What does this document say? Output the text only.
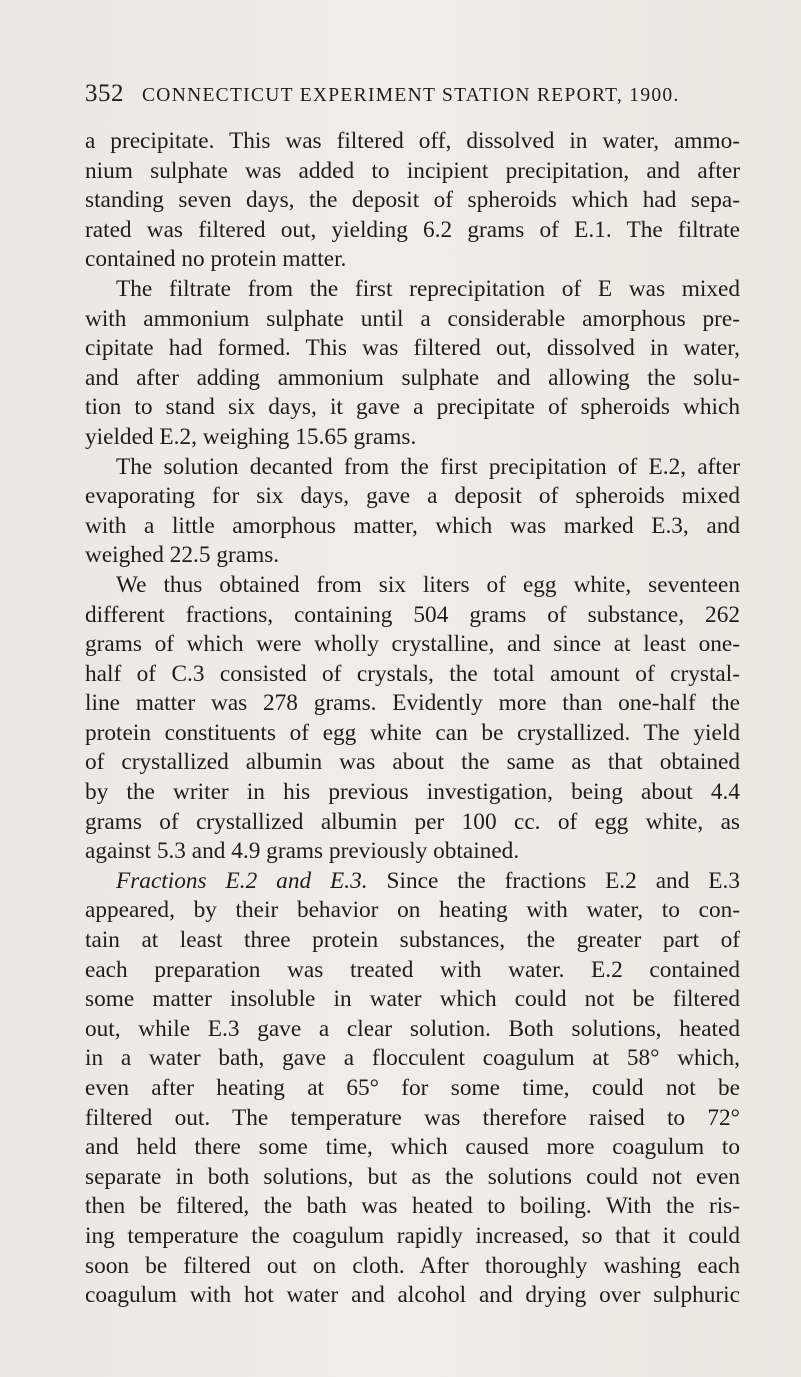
352 CONNECTICUT EXPERIMENT STATION REPORT, 1900.
a precipitate. This was filtered off, dissolved in water, ammo-
nium sulphate was added to incipient precipitation, and after
standing seven days, the deposit of spheroids which had sepa-
rated was filtered out, yielding 6.2 grams of E.1. The filtrate
contained no protein matter.
The filtrate from the first reprecipitation of E was mixed
with ammonium sulphate until a considerable amorphous pre-
cipitate had formed. This was filtered out, dissolved in water,
and after adding ammonium sulphate and allowing the solu-
tion to stand six days, it gave a precipitate of spheroids which
yielded E.2, weighing 15.65 grams.
The solution decanted from the first precipitation of E.2, after
evaporating for six days, gave a deposit of spheroids mixed
with a little amorphous matter, which was marked E.3, and
weighed 22.5 grams.
We thus obtained from six liters of egg white, seventeen
different fractions, containing 504 grams of substance, 262
grams of which were wholly crystalline, and since at least one-
half of C.3 consisted of crystals, the total amount of crystal-
line matter was 278 grams. Evidently more than one-half the
protein constituents of egg white can be crystallized. The yield
of crystallized albumin was about the same as that obtained
by the writer in his previous investigation, being about 4.4
grams of crystallized albumin per 100 cc. of egg white, as
against 5.3 and 4.9 grams previously obtained.
Fractions E.2 and E.3. Since the fractions E.2 and E.3
appeared, by their behavior on heating with water, to con-
tain at least three protein substances, the greater part of
each preparation was treated with water. E.2 contained
some matter insoluble in water which could not be filtered
out, while E.3 gave a clear solution. Both solutions, heated
in a water bath, gave a flocculent coagulum at 58° which,
even after heating at 65° for some time, could not be
filtered out. The temperature was therefore raised to 72°
and held there some time, which caused more coagulum to
separate in both solutions, but as the solutions could not even
then be filtered, the bath was heated to boiling. With the ris-
ing temperature the coagulum rapidly increased, so that it could
soon be filtered out on cloth. After thoroughly washing each
coagulum with hot water and alcohol and drying over sulphuric
